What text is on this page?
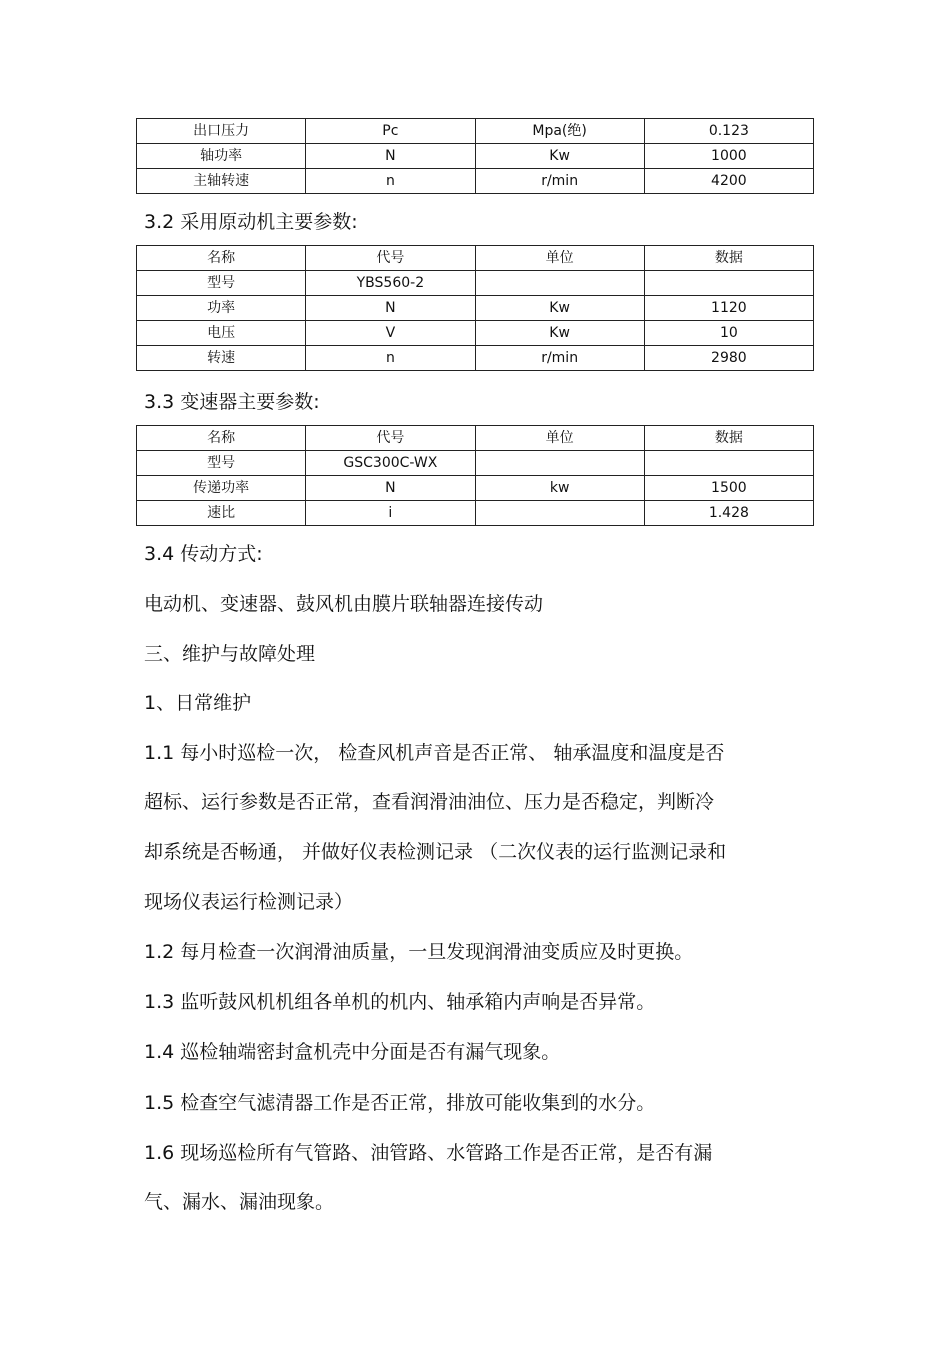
出口压力	Pc	Mpa(绝)	0.123
轴功率	N	Kw	1000
主轴转速	n	r/min	4200
3.2 采用原动机主要参数:
名称	代号	单位	数据
型号	YBS560-2		
功率	N	Kw	1120
电压	V	Kw	10
转速	n	r/min	2980
3.3 变速器主要参数:
名称	代号	单位	数据
型号	GSC300C-WX		
传递功率	N	kw	1500
速比	i		1.428
3.4 传动方式:
电动机、变速器、鼓风机由膜片联轴器连接传动
三、维护与故障处理
1、日常维护
1.1 每小时巡检一次， 检查风机声音是否正常、 轴承温度和温度是否
超标、运行参数是否正常，查看润滑油油位、压力是否稳定，判断冷
却系统是否畅通， 并做好仪表检测记录 （二次仪表的运行监测记录和
现场仪表运行检测记录）
1.2 每月检查一次润滑油质量，一旦发现润滑油变质应及时更换。
1.3 监听鼓风机机组各单机的机内、轴承箱内声响是否异常。
1.4 巡检轴端密封盒机壳中分面是否有漏气现象。
1.5 检查空气滤清器工作是否正常，排放可能收集到的水分。
1.6 现场巡检所有气管路、油管路、水管路工作是否正常，是否有漏
气、漏水、漏油现象。
